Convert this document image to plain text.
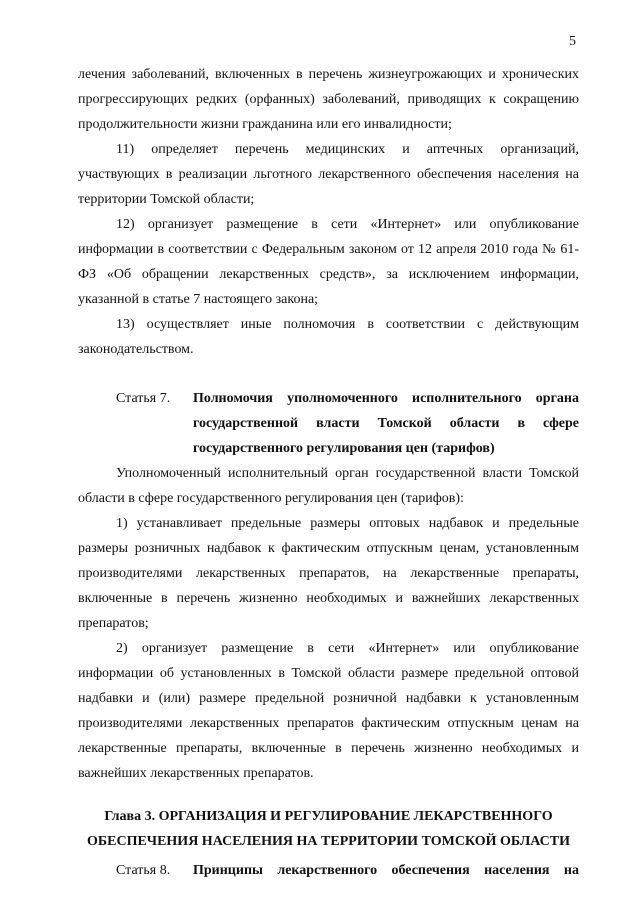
5

лечения заболеваний, включенных в перечень жизнеугрожающих и хронических прогрессирующих редких (орфанных) заболеваний, приводящих к сокращению продолжительности жизни гражданина или его инвалидности;

11) определяет перечень медицинских и аптечных организаций, участвующих в реализации льготного лекарственного обеспечения населения на территории Томской области;

12) организует размещение в сети «Интернет» или опубликование информации в соответствии с Федеральным законом от 12 апреля 2010 года № 61-ФЗ «Об обращении лекарственных средств», за исключением информации, указанной в статье 7 настоящего закона;

13) осуществляет иные полномочия в соответствии с действующим законодательством.

Статья 7.	Полномочия уполномоченного исполнительного органа
государственной власти Томской области в сфере
государственного регулирования цен (тарифов)

Уполномоченный исполнительный орган государственной власти Томской области в сфере государственного регулирования цен (тарифов):

1) устанавливает предельные размеры оптовых надбавок и предельные размеры розничных надбавок к фактическим отпускным ценам, установленным производителями лекарственных препаратов, на лекарственные препараты, включенные в перечень жизненно необходимых и важнейших лекарственных препаратов;

2) организует размещение в сети «Интернет» или опубликование информации об установленных в Томской области размере предельной оптовой надбавки и (или) размере предельной розничной надбавки к установленным производителями лекарственных препаратов фактическим отпускным ценам на лекарственные препараты, включенные в перечень жизненно необходимых и важнейших лекарственных препаратов.

Глава 3. ОРГАНИЗАЦИЯ И РЕГУЛИРОВАНИЕ ЛЕКАРСТВЕННОГО
ОБЕСПЕЧЕНИЯ НАСЕЛЕНИЯ НА ТЕРРИТОРИИ ТОМСКОЙ ОБЛАСТИ
Статья 8. Принципы лекарственного обеспечения населения на
